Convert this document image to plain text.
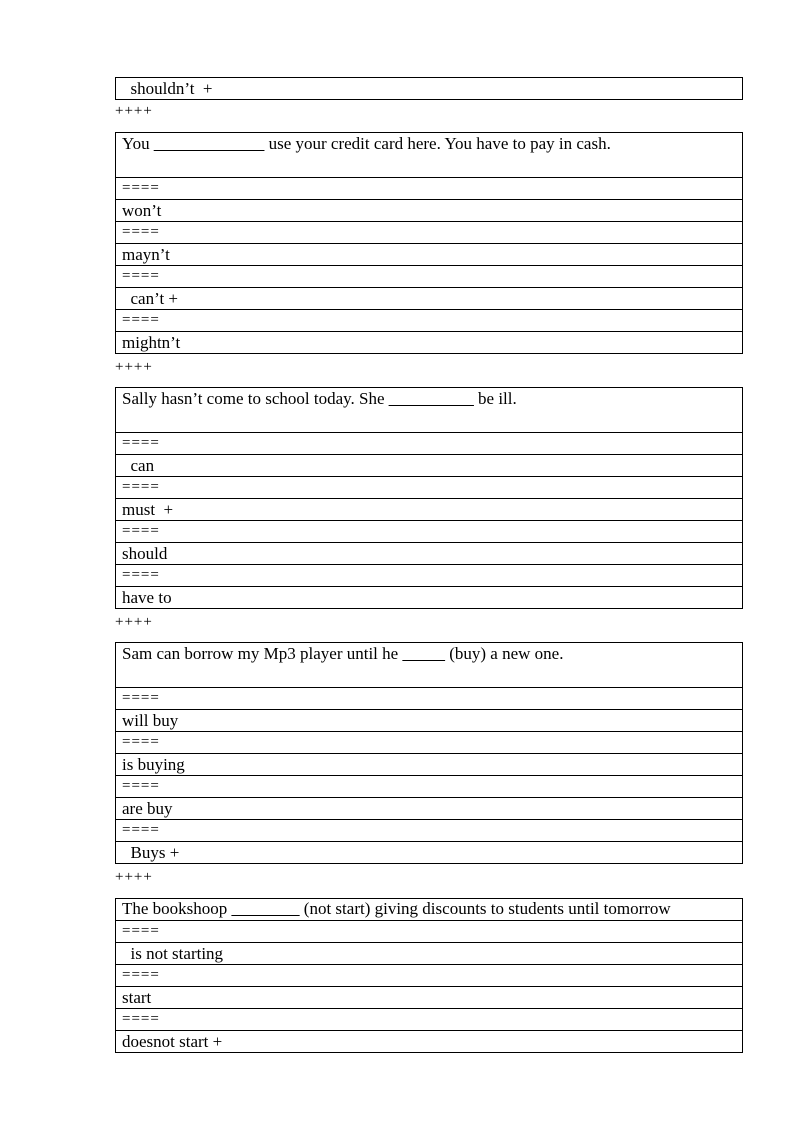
shouldn’t  +
++++
You _____________ use your credit card here. You have to pay in cash.
====
won’t
====
mayn’t
====
can’t +
====
mightn’t
++++
Sally hasn’t come to school today. She __________ be ill.
====
can
====
must  +
====
should
====
have to
++++
Sam can borrow my Mp3 player until he _____ (buy) a new one.
====
will buy
====
is buying
====
are buy
====
Buys +
++++
The bookshoop ________ (not start) giving discounts to students until tomorrow
====
is not starting
====
start
====
doesnot start +
